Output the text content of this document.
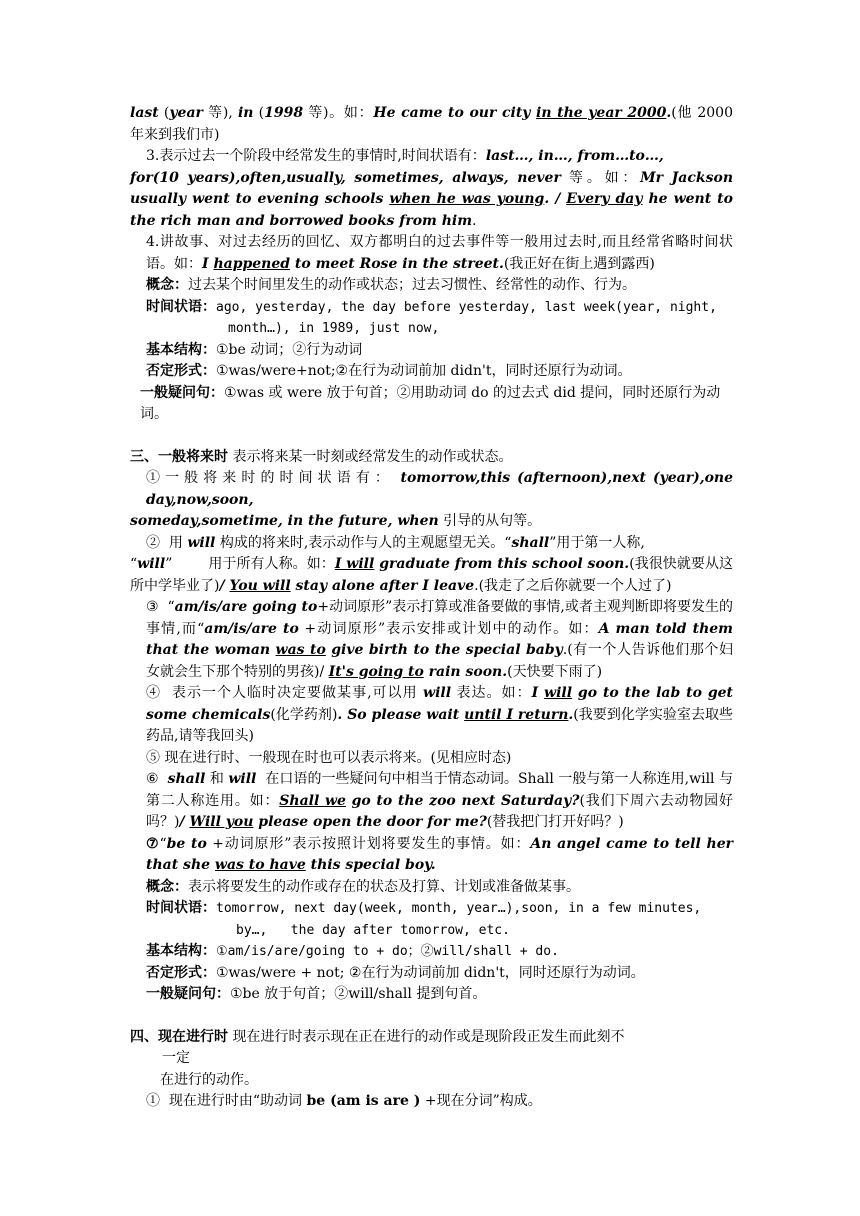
last (year 等), in (1998 等)。如：He came to our city in the year 2000.(他 2000 年来到我们市)

3.表示过去一个阶段中经常发生的事情时,时间状语有：last…, in…, from…to…,

for(10 years),often,usually, sometimes, always, never 等。如：Mr Jackson usually went to evening schools when he was young. / Every day he went to the rich man and borrowed books from him.

4.讲故事、对过去经历的回忆、双方都明白的过去事件等一般用过去时,而且经常省略时间状语。如：I happened to meet Rose in the street.(我正好在街上遇到露西)

概念：过去某个时间里发生的动作或状态；过去习惯性、经常性的动作、行为。

时间状语：ago, yesterday, the day before yesterday, last week(year, night,

month…), in 1989, just now,

基本结构：①be 动词；②行为动词

否定形式：①was/were+not;②在行为动词前加 didn't，同时还原行为动词。

一般疑问句：①was 或 were 放于句首；②用助动词 do 的过去式 did 提问，同时还原行为动词。

三、一般将来时 表示将来某一时刻或经常发生的动作或状态。

①一般将来时的时间状语有： tomorrow,this (afternoon),next (year),one day,now,soon,

someday,sometime, in the future, when 引导的从句等。

②  用 will 构成的将来时,表示动作与人的主观愿望无关。“shall”用于第一人称,

“will”        用于所有人称。如：I will graduate from this school soon.(我很快就要从这所中学毕业了)/ You will stay alone after I leave.(我走了之后你就要一个人过了)

③  “am/is/are going to+动词原形”表示打算或准备要做的事情,或者主观判断即将要发生的事情,而“am/is/are to +动词原形”表示安排或计划中的动作。如：A man told them that the woman was to give birth to the special baby.(有一个人告诉他们那个妇女就会生下那个特别的男孩)/ It's going to rain soon.(天快要下雨了)

④  表示一个人临时决定要做某事,可以用 will 表达。如：I will go to the lab to get some chemicals(化学药剂). So please wait until I return.(我要到化学实验室去取些药品,请等我回头)

⑤ 现在进行时、一般现在时也可以表示将来。(见相应时态)

⑥  shall 和 will  在口语的一些疑问句中相当于情态动词。Shall 一般与第一人称连用,will 与第二人称连用。如：Shall we go to the zoo next Saturday?(我们下周六去动物园好吗？)/ Will you please open the door for me?(替我把门打开好吗？)

⑦“be to +动词原形”表示按照计划将要发生的事情。如：An angel came to tell her that she was to have this special boy.

概念：表示将要发生的动作或存在的状态及打算、计划或准备做某事。

时间状语：tomorrow, next day(week, month, year…),soon, in a few minutes,

by…,   the day after tomorrow, etc.

基本结构：①am/is/are/going to + do；②will/shall + do.

否定形式：①was/were + not; ②在行为动词前加 didn't，同时还原行为动词。

一般疑问句：①be 放于句首；②will/shall 提到句首。

四、现在进行时 现在进行时表示现在正在进行的动作或是现阶段正发生而此刻不

一定

在进行的动作。

①  现在进行时由“助动词 be (am is are ) +现在分词”构成。
